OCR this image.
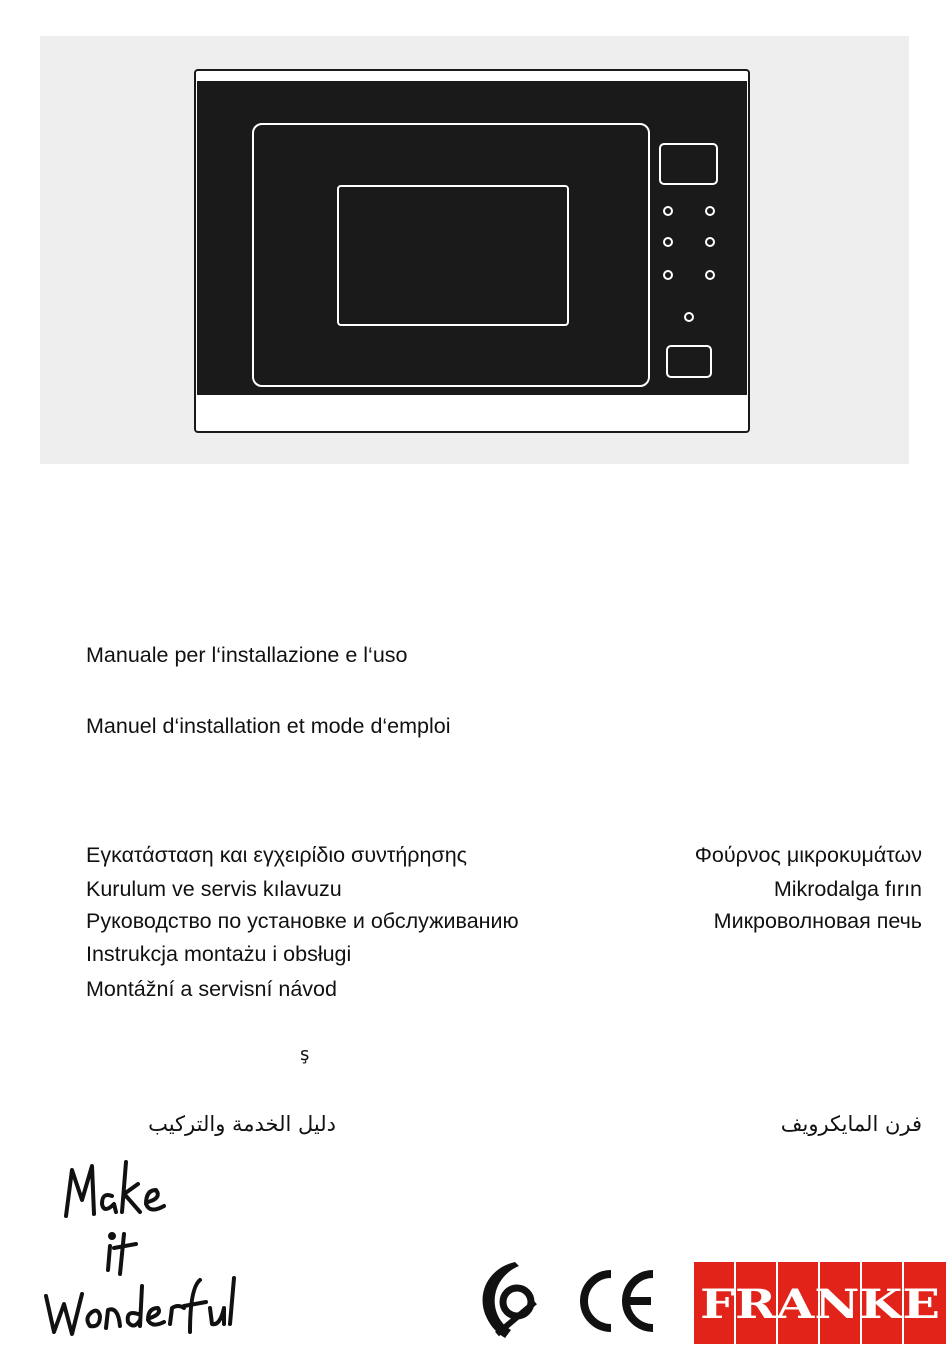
Manuale per l‘installazione e l‘uso
Manuel d‘installation et mode d‘emploi
Εγκατάσταση και εγχειρίδιο συντήρησης	Φούρνος μικροκυμάτων
Kurulum ve servis kılavuzu	Mikrodalga fırın
Руководство по установке и обслуживанию	Микроволновая печь
Instrukcja montażu i obsługi
Montážní a servisní návod
ş
دليل الخدمة والتركيب	فرن المايكرويف
FRANKE
